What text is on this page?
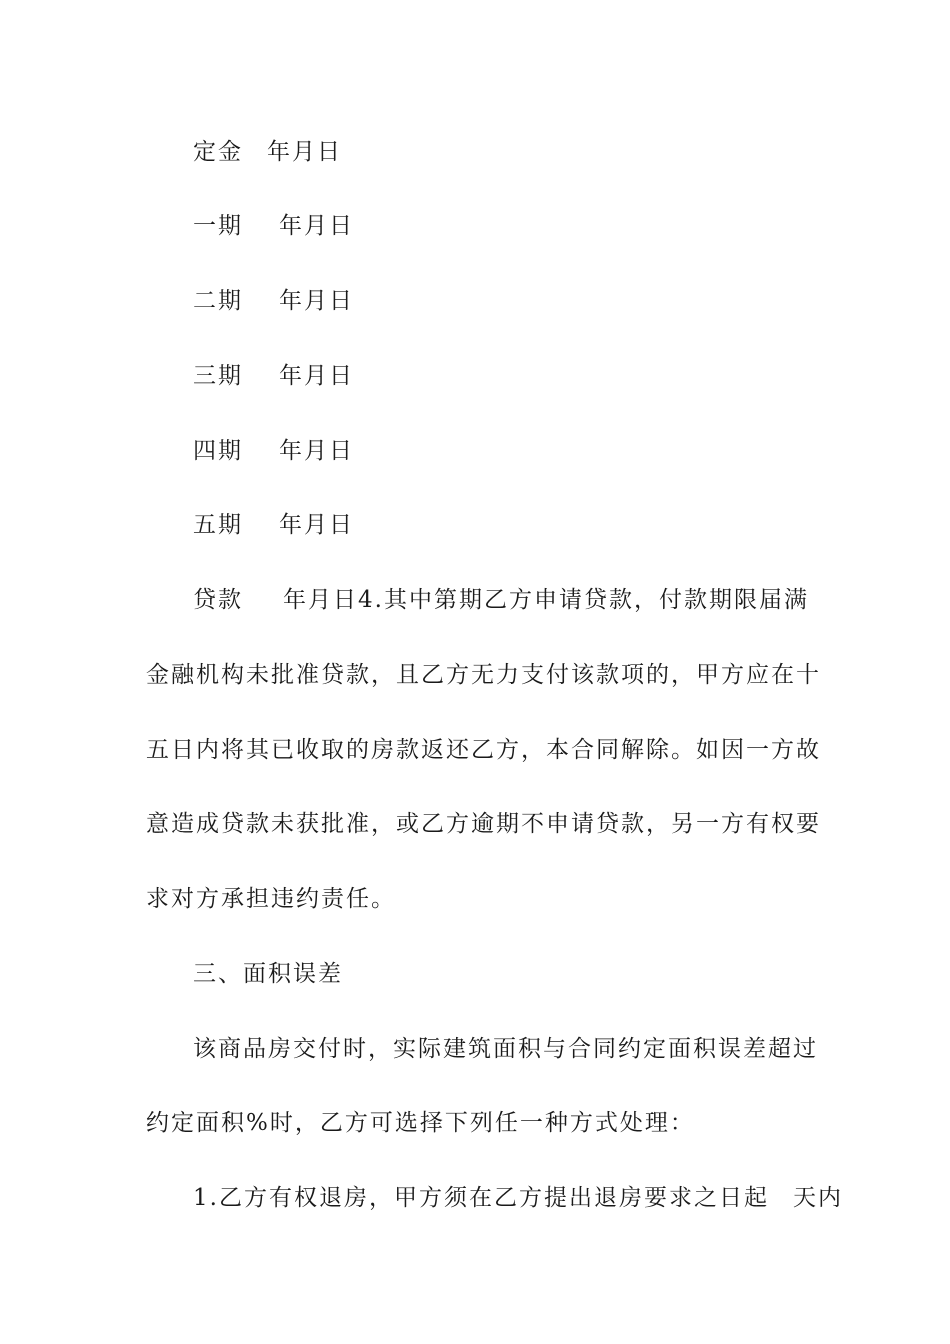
定金 年月日
一期 年月日
二期 年月日
三期 年月日
四期 年月日
五期 年月日
贷款 年月日4.其中第期乙方申请贷款，付款期限届满
金融机构未批准贷款，且乙方无力支付该款项的，甲方应在十
五日内将其已收取的房款返还乙方，本合同解除。如因一方故
意造成贷款未获批准，或乙方逾期不申请贷款，另一方有权要
求对方承担违约责任。
三、面积误差
该商品房交付时，实际建筑面积与合同约定面积误差超过
约定面积%时，乙方可选择下列任一种方式处理：
1.乙方有权退房，甲方须在乙方提出退房要求之日起 天内
